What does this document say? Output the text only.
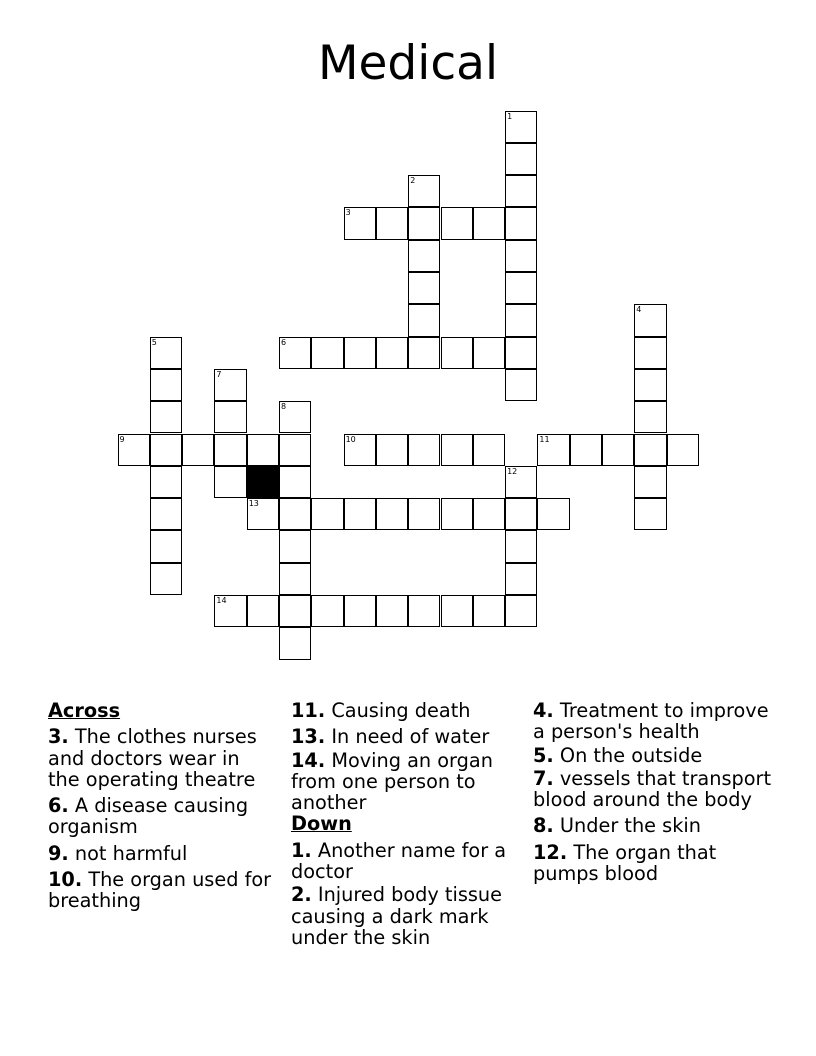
Medical
1
2
3
4
5	6
7
8
9	10	11
12
13
14
Across
3. The clothes nurses and doctors wear in the operating theatre
6. A disease causing organism
9. not harmful
10. The organ used for breathing
11. Causing death
13. In need of water
14. Moving an organ from one person to another
Down
1. Another name for a doctor
2. Injured body tissue causing a dark mark under the skin
4. Treatment to improve a person's health
5. On the outside
7. vessels that transport blood around the body
8. Under the skin
12. The organ that pumps blood
